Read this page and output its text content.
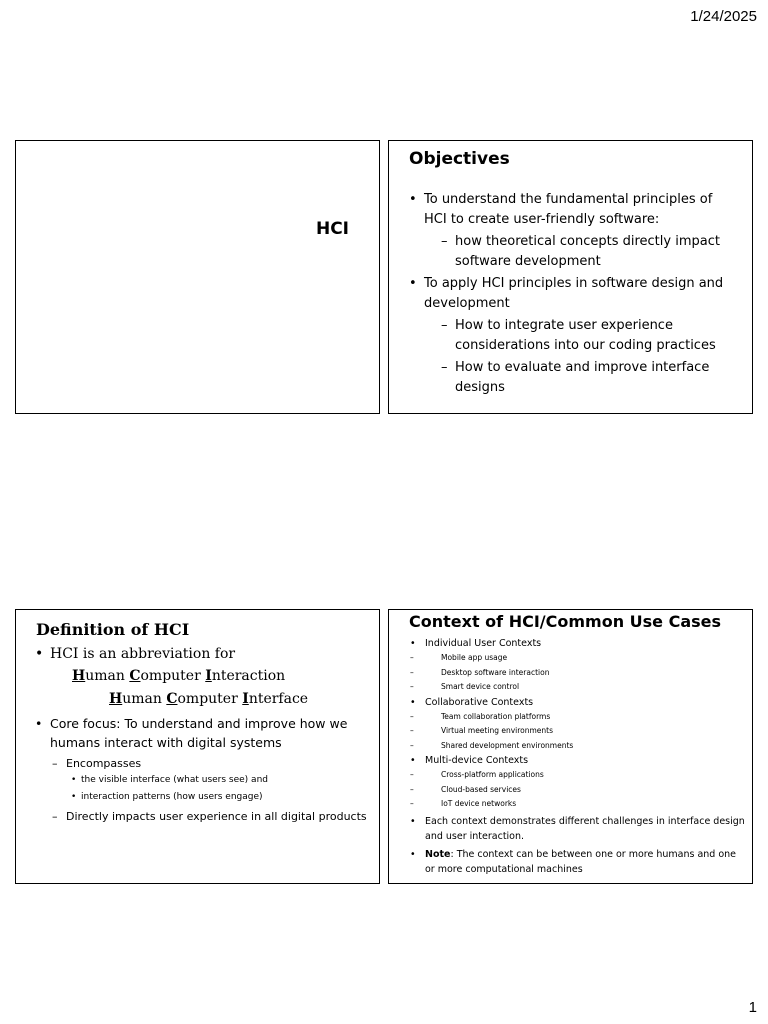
1/24/2025
HCI
Objectives
• To understand the fundamental principles of HCI to create user-friendly software:
– how theoretical concepts directly impact software development
• To apply HCI principles in software design and development
– How to integrate user experience considerations into our coding practices
– How to evaluate and improve interface designs
Definition of HCI
• HCI is an abbreviation for
Human Computer Interaction
Human Computer Interface
• Core focus: To understand and improve how we humans interact with digital systems
– Encompasses
• the visible interface (what users see) and
• interaction patterns (how users engage)
– Directly impacts user experience in all digital products
Context of HCI/Common Use Cases
• Individual User Contexts
–	Mobile app usage
–	Desktop software interaction
–	Smart device control
• Collaborative Contexts
–	Team collaboration platforms
–	Virtual meeting environments
–	Shared development environments
• Multi-device Contexts
–	Cross-platform applications
–	Cloud-based services
–	IoT device networks
• Each context demonstrates different challenges in interface design and user interaction.
• Note: The context can be between one or more humans and one or more computational machines
1
